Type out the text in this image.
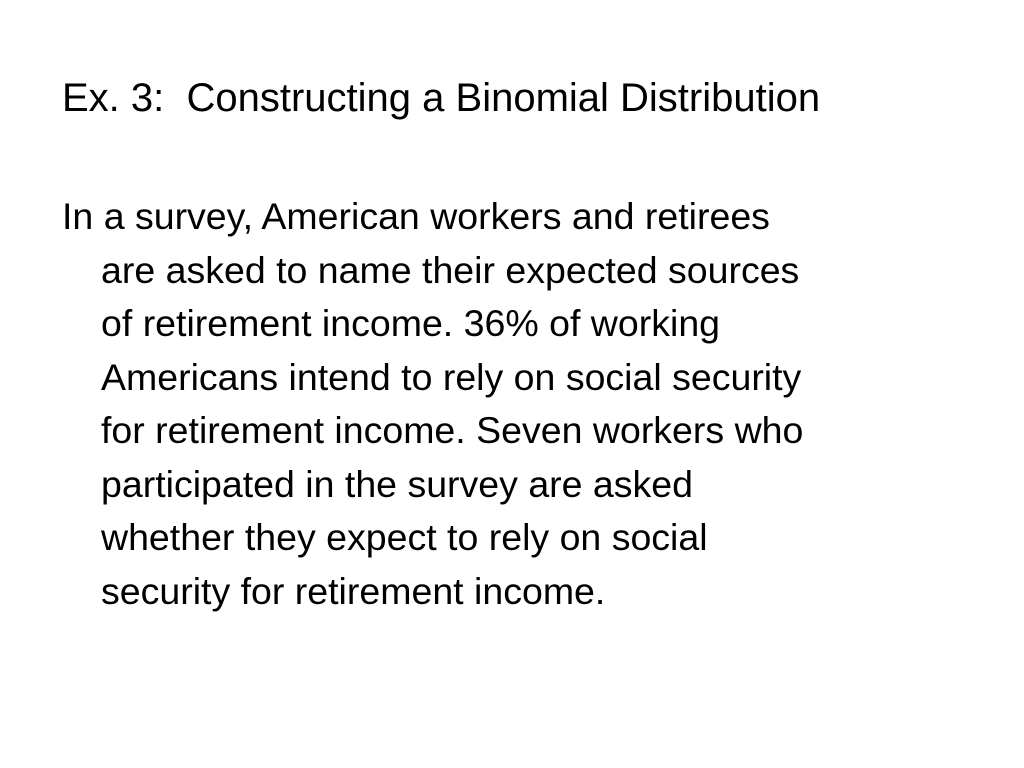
Ex. 3:  Constructing a Binomial Distribution
In a survey, American workers and retirees
are asked to name their expected sources
of retirement income. 36% of working
Americans intend to rely on social security
for retirement income. Seven workers who
participated in the survey are asked
whether they expect to rely on social
security for retirement income.
